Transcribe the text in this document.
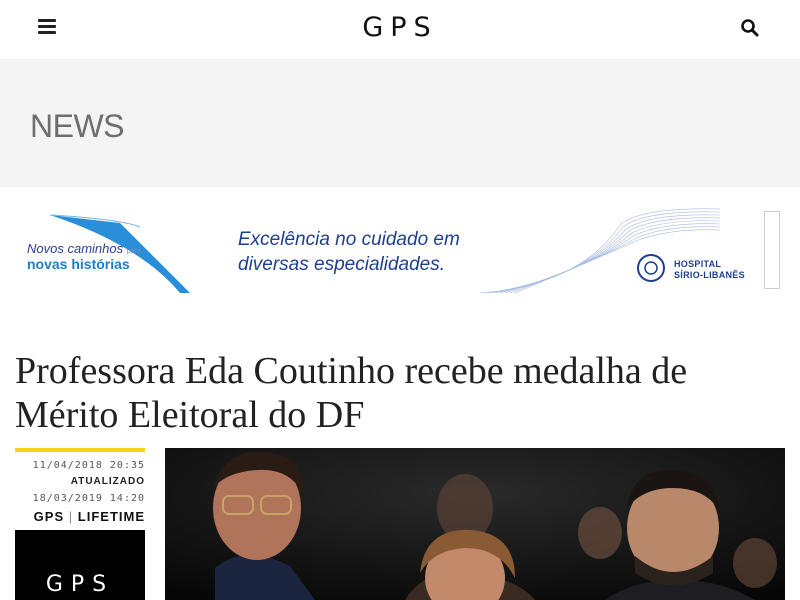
GPS
NEWS
Novos caminhos para
novas histórias
Excelência no cuidado em
diversas especialidades.	HOSPITAL
SÍRIO-LIBANÊS
Professora Eda Coutinho recebe medalha de Mérito Eleitoral do DF
11/04/2018 20:35
ATUALIZADO
18/03/2019 14:20
GPS | LIFETIME
GPS
